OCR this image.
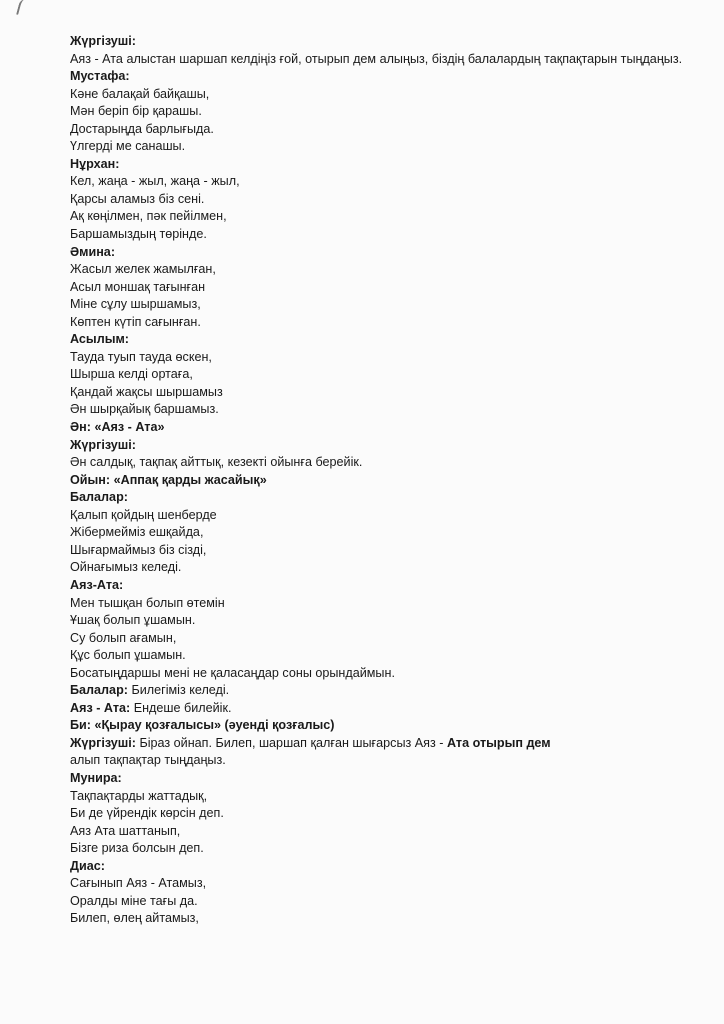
Жүргізуші:
Аяз - Ата алыстан шаршап келдіңіз ғой, отырып дем алыңыз, біздің балалардың тақпақтарын тыңдаңыз.
Мустафа:
Кәне балақай байқашы,
Мән беріп бір қарашы.
Достарыңда барлығыда.
Үлгерді ме санашы.
Нұрхан:
Кел, жаңа - жыл, жаңа - жыл,
Қарсы аламыз біз сені.
Ақ көңілмен, пәк пейілмен,
Баршамыздың төрінде.
Әмина:
Жасыл желек жамылған,
Асыл моншақ тағынған
Міне сұлу шыршамыз,
Көптен күтіп сағынған.
Асылым:
Тауда туып тауда өскен,
Шырша келді ортаға,
Қандай жақсы шыршамыз
Ән шырқайық баршамыз.
Ән: «Аяз - Ата»
Жүргізуші:
Ән салдық, тақпақ айттық, кезекті ойынға берейік.
Ойын: «Аппақ қарды жасайық»
Балалар:
Қалып қойдың шенберде
Жібермейміз ешқайда,
Шығармаймыз біз сізді,
Ойнағымыз келеді.
Аяз-Ата:
Мен тышқан болып өтемін
Ұшақ болып ұшамын.
Су болып ағамын,
Құс болып ұшамын.
Босатыңдаршы мені не қаласаңдар соны орындаймын.
Балалар: Билегіміз келеді.
Аяз - Ата: Ендеше билейік.
Би: «Қырау қозғалысы» (әуенді қозғалыс)
Жүргізуші: Біраз ойнап. Билеп, шаршап қалған шығарсыз Аяз - Ата отырып дем
алып тақпақтар тыңдаңыз.
Мунира:
Тақпақтарды жаттадық,
Би де үйрендік көрсін деп.
Аяз Ата шаттанып,
Бізге риза болсын деп.
Диас:
Сағынып Аяз - Атамыз,
Оралды міне тағы да.
Билеп, өлең айтамыз,
